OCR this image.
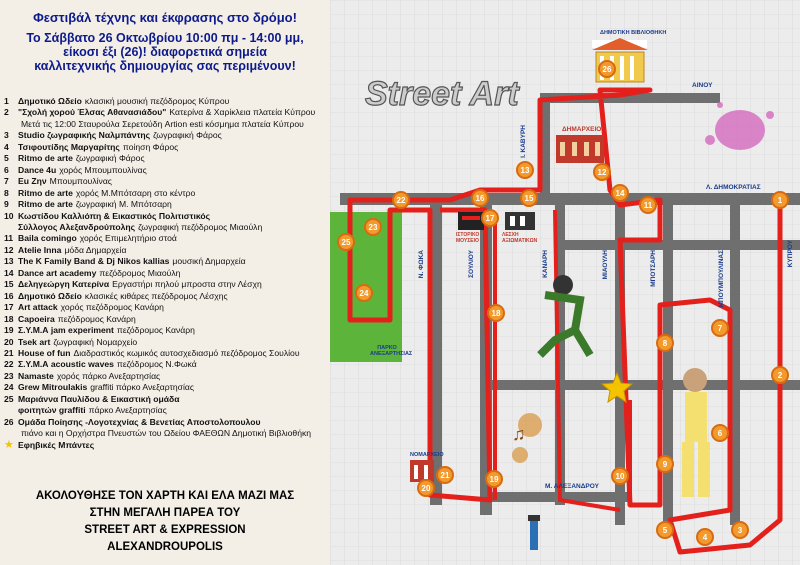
Φεστιβάλ τέχνης και έκφρασης στο δρόμο!
Το Σάββατο 26 Οκτωβρίου 10:00 πμ - 14:00 μμ,
είκοσι έξι (26)! διαφορετικά σημεία
καλλιτεχνικής δημιουργίας σας περιμένουν!
1	Δημοτικό Ωδείο κλασική μουσική πεζόδρομος Κύπρου
2	"Σχολή χορού Έλσας Αθανασιάδου" Κατερίνα & Χαρίκλεια πλατεία Κύπρου
Μετά τις 12:00 Σταυρούλα Σερετούδη Artion esti κόσμημα πλατεία Κύπρου
3	Studio ζωγραφικής Ναλμπάντης ζωγραφική Φάρος
4	Τσιφουτίδης Μαργαρίτης ποίηση Φάρος
5	Ritmo de arte ζωγραφική Φάρος
6	Dance 4u χορός Μπουμπουλίνας
7	Eu Zην Μπουμπουλίνας
8	Ritmo de arte χορός Μ.Μπότσαρη στο κέντρο
9	Ritmo de arte ζωγραφική Μ. Μπότσαρη
10 Κωστίδου Καλλιόπη & Εικαστικός Πολιτιστικός
Σύλλογος Αλεξανδρούπολης ζωγραφική πεζόδρομος Μιαούλη
11 Baila comingo χορός Επιμελητήριο στοά
12 Atelie Inna μόδα Δημαρχεία
13 The K Family Band & Dj Nikos kallias μουσική Δημαρχεία
14 Dance art academy πεζόδρομος Μιαούλη
15 Δεληγεώργη Κατερίνα Εργαστήρι πηλού μπροστα στην Λέσχη
16 Δημοτικό Ωδείο κλασικές κιθάρες πεζόδρομος Λέσχης
17 Art attack χορός πεζόδρομος Κανάρη
18 Capoeira πεζόδρομος Κανάρη
19 Σ.Υ.Μ.Α jam experiment πεζόδρομος Κανάρη
20 Tsek art ζωγραφική Νομαρχείο
21 House of fun Διαδραστικός κωμικός αυτοσχεδιασμό πεζόδρομος Σουλίου
22 Σ.Υ.Μ.Α acoustic waves πεζόδρομος Ν.Φωκά
23 Namaste χορός πάρκο Ανεξαρτησίας
24 Grew Mitroulakis graffiti πάρκο Ανεξαρτησίας
25 Μαριάννα Παυλίδου & Εικαστική ομάδα
φοιτητών graffiti πάρκο Ανεξαρτησίας
26 Ομάδα Ποίησης -Λογοτεχνίας & Βενετίας Αποστολοπουλου
πιάνο και η Ορχήστρα Πνευστών του Ωδείου ΦΑΕΘΩΝ Δημοτική Βιβλιοθήκη
★ Εφηβικές Μπάντες
ΑΚΟΛΟΥΘΗΣΕ ΤΟΝ ΧΑΡΤΗ ΚΑΙ ΕΛΑ ΜΑΖΙ ΜΑΣ
ΣΤΗΝ ΜΕΓΑΛΗ ΠΑΡΕΑ ΤΟΥ
STREET ART & EXPRESSION
ALEXANDROUPOLIS
♫
Street Art
ΔΗΜΟΤΙΚΗ ΒΙΒΛΙΟΘΗΚΗ
ΔΗΜΑΡΧΕΙΟ
ΙΣΤΟΡΙΚΟ ΜΟΥΣΕΙΟ
ΛΕΣΧΗ ΑΞΙΩΜΑΤΙΚΩΝ
ΝΟΜΑΡΧΕΙΟ
ΠΑΡΚΟ ΑΝΕΞΑΡΤΗΣΙΑΣ
ΑΙΝΟΥ
Ι. ΚΑΒΥΡΗ
Λ. ΔΗΜΟΚΡΑΤΙΑΣ
ΚΥΠΡΟΥ
Ν. ΦΩΚΑ	ΣΟΥΛΙΟΥ	ΚΑΝΑΡΗ	ΜΙΑΟΥΛΗ	ΜΠΟΤΣΑΡΗ	ΜΠΟΥΜΠΟΥΛΙΝΑΣ
Μ. ΑΛΕΞΑΝΔΡΟΥ
1
2
3
4
5
6
7
8
9
10
11
12
13
14
15
16
17
18
19
20
21
22
23
24
25
26
